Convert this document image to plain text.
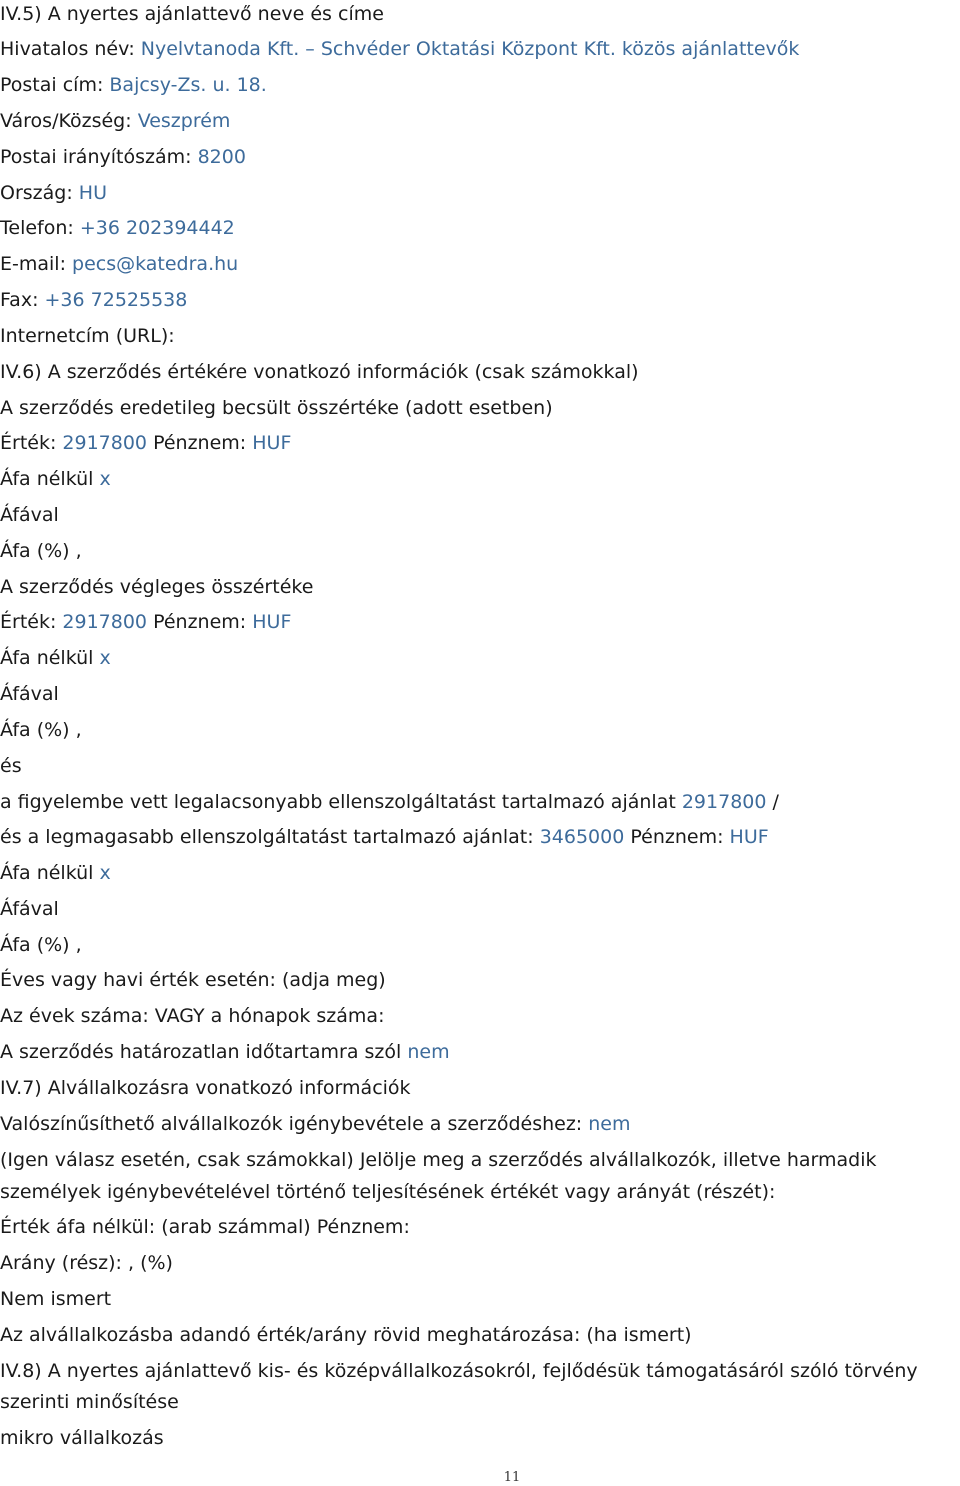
IV.5) A nyertes ajánlattevő neve és címe
Hivatalos név: Nyelvtanoda Kft. – Schvéder Oktatási Központ Kft. közös ajánlattevők
Postai cím: Bajcsy-Zs. u. 18.
Város/Község: Veszprém
Postai irányítószám: 8200
Ország: HU
Telefon: +36 202394442
E-mail: pecs@katedra.hu
Fax: +36 72525538
Internetcím (URL):
IV.6) A szerződés értékére vonatkozó információk (csak számokkal)
A szerződés eredetileg becsült összértéke (adott esetben)
Érték: 2917800 Pénznem: HUF
Áfa nélkül x
Áfával
Áfa (%) ,
A szerződés végleges összértéke
Érték: 2917800 Pénznem: HUF
Áfa nélkül x
Áfával
Áfa (%) ,
és
a figyelembe vett legalacsonyabb ellenszolgáltatást tartalmazó ajánlat 2917800 /
és a legmagasabb ellenszolgáltatást tartalmazó ajánlat: 3465000 Pénznem: HUF
Áfa nélkül x
Áfával
Áfa (%) ,
Éves vagy havi érték esetén: (adja meg)
Az évek száma: VAGY a hónapok száma:
A szerződés határozatlan időtartamra szól nem
IV.7) Alvállalkozásra vonatkozó információk
Valószínűsíthető alvállalkozók igénybevétele a szerződéshez: nem
(Igen válasz esetén, csak számokkal) Jelölje meg a szerződés alvállalkozók, illetve harmadik
személyek igénybevételével történő teljesítésének értékét vagy arányát (részét):
Érték áfa nélkül: (arab számmal) Pénznem:
Arány (rész): , (%)
Nem ismert
Az alvállalkozásba adandó érték/arány rövid meghatározása: (ha ismert)
IV.8) A nyertes ajánlattevő kis- és középvállalkozásokról, fejlődésük támogatásáról szóló törvény
szerinti minősítése
mikro vállalkozás
11
